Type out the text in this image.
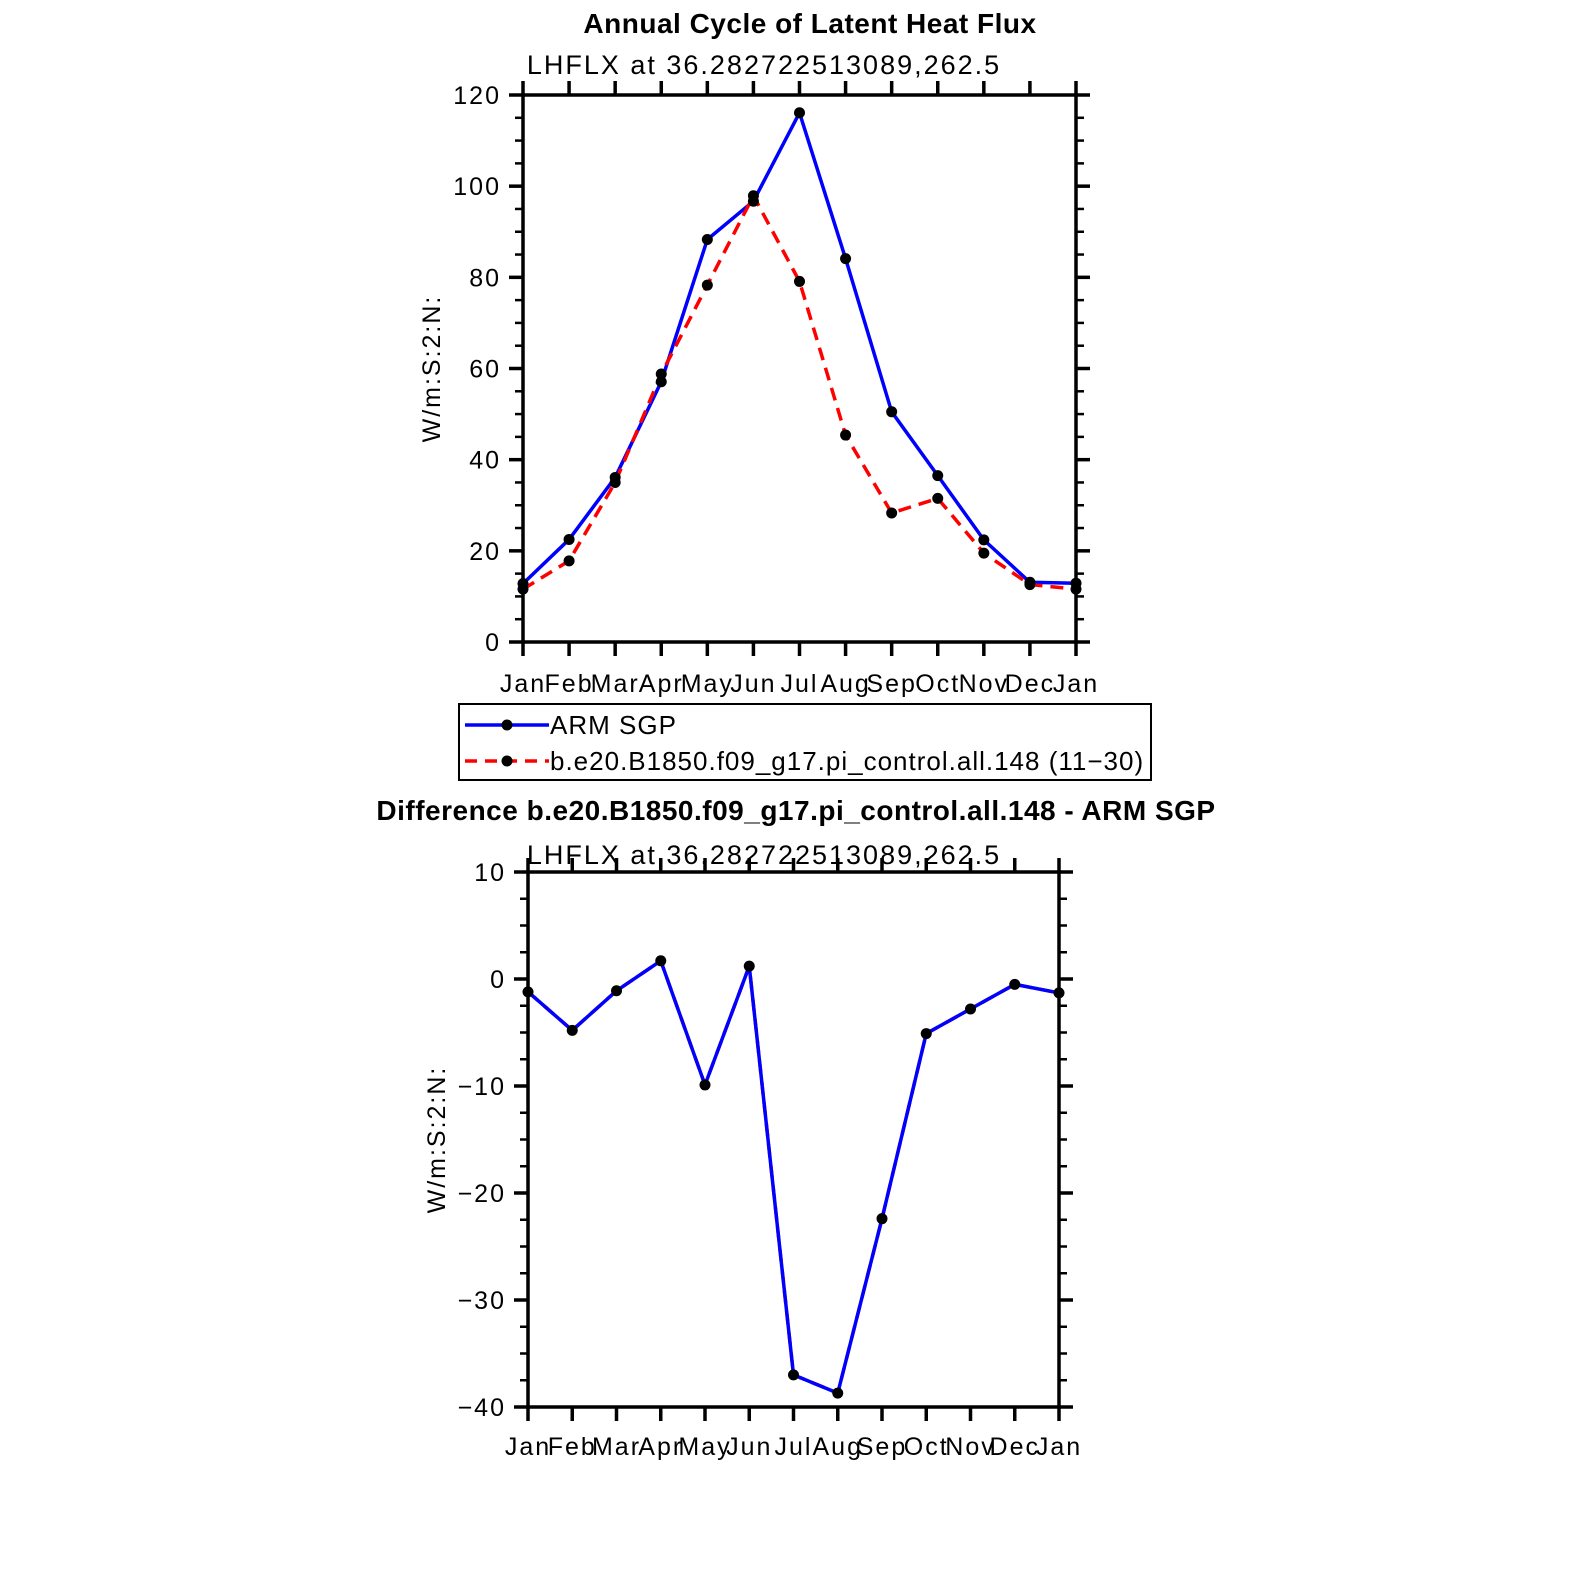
Annual Cycle of Latent Heat Flux
LHFLX at 36.282722513089,262.5
0
20
40
60
80
100
120
Jan
Feb
Mar Apr
May
Jun Jul Aug
Sep
Oct
Nov
Dec
Jan
W/m:S:2:N:
ARM SGP
b.e20.B1850.f09_g17.pi_control.all.148 (11−30)
Difference b.e20.B1850.f09_g17.pi_control.all.148 - ARM SGP
LHFLX at 36.282722513089,262.5
10
0
−10
−20
−30
−40
Jan
Feb
Mar
Apr
May
Jun Jul Aug
Sep
Oct
Nov
Dec
Jan
W/m:S:2:N:
